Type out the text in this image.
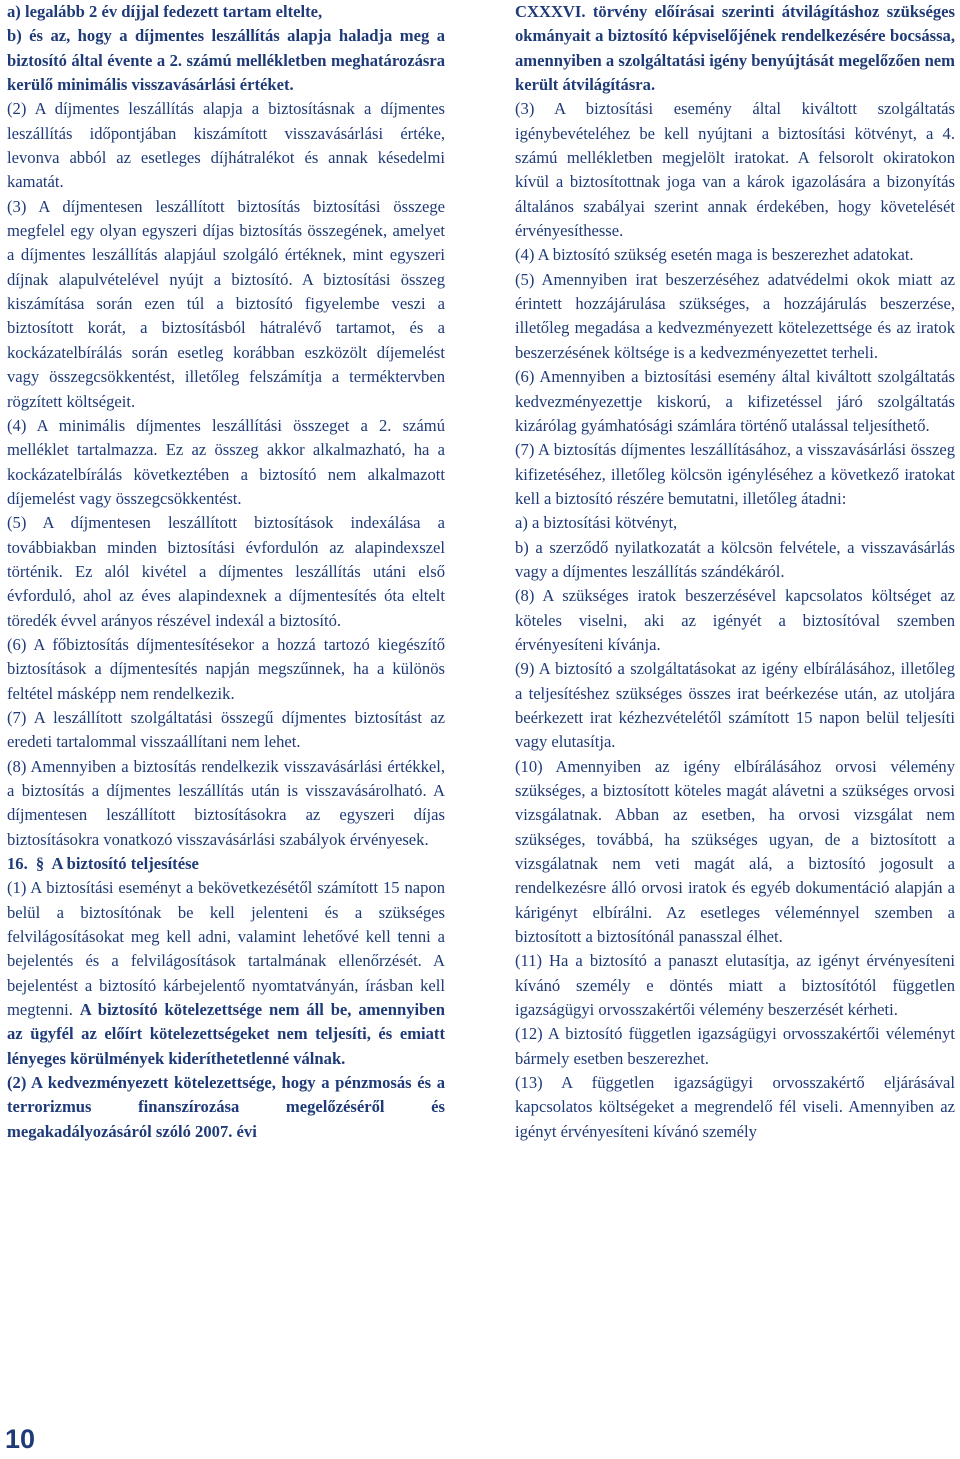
a) legalább 2 év díjjal fedezett tartam eltelte,

b) és az, hogy a díjmentes leszállítás alapja haladja meg a biztosító által évente a 2. számú mellékletben meghatározásra kerülő minimális visszavásárlási értéket.

(2) A díjmentes leszállítás alapja a biztosításnak a díjmentes leszállítás időpontjában kiszámított visszavásárlási értéke, levonva abból az esetleges díjhátralékot és annak késedelmi kamatát.

(3) A díjmentesen leszállított biztosítás biztosítási összege megfelel egy olyan egyszeri díjas biztosítás összegének, amelyet a díjmentes leszállítás alapjául szolgáló értéknek, mint egyszeri díjnak alapulvételével nyújt a biztosító. A biztosítási összeg kiszámítása során ezen túl a biztosító figyelembe veszi a biztosított korát, a biztosításból hátralévő tartamot, és a kockázatelbírálás során esetleg korábban eszközölt díjemelést vagy összegcsökkentést, illetőleg felszámítja a terméktervben rögzített költségeit.

(4) A minimális díjmentes leszállítási összeget a 2. számú melléklet tartalmazza. Ez az összeg akkor alkalmazható, ha a kockázatelbírálás következtében a biztosító nem alkalmazott díjemelést vagy összegcsökkentést.

(5) A díjmentesen leszállított biztosítások indexálása a továbbiakban minden biztosítási évfordulón az alapindexszel történik. Ez alól kivétel a díjmentes leszállítás utáni első évforduló, ahol az éves alapindexnek a díjmentesítés óta eltelt töredék évvel arányos részével indexál a biztosító.

(6) A főbiztosítás díjmentesítésekor a hozzá tartozó kiegészítő biztosítások a díjmentesítés napján megszűnnek, ha a különös feltétel másképp nem rendelkezik.

(7) A leszállított szolgáltatási összegű díjmentes biztosítást az eredeti tartalommal visszaállítani nem lehet.

(8) Amennyiben a biztosítás rendelkezik visszavásárlási értékkel, a biztosítás a díjmentes leszállítás után is visszavásárolható. A díjmentesen leszállított biztosításokra az egyszeri díjas biztosításokra vonatkozó visszavásárlási szabályok érvényesek.

16. § A biztosító teljesítése

(1) A biztosítási eseményt a bekövetkezésétől számított 15 napon belül a biztosítónak be kell jelenteni és a szükséges felvilágosításokat meg kell adni, valamint lehetővé kell tenni a bejelentés és a felvilágosítások tartalmának ellenőrzését. A bejelentést a biztosító kárbejelentő nyomtatványán, írásban kell megtenni. A biztosító kötelezettsége nem áll be, amennyiben az ügyfél az előírt kötelezettségeket nem teljesíti, és emiatt lényeges körülmények kideríthetetlenné válnak.

(2) A kedvezményezett kötelezettsége, hogy a pénzmosás és a terrorizmus finanszírozása megelőzéséről és megakadályozásáról szóló 2007. évi

CXXXVI. törvény előírásai szerinti átvilágításhoz szükséges okmányait a biztosító képviselőjének rendelkezésére bocsássa, amennyiben a szolgáltatási igény benyújtását megelőzően nem került átvilágításra.

(3) A biztosítási esemény által kiváltott szolgáltatás igénybevételéhez be kell nyújtani a biztosítási kötvényt, a 4. számú mellékletben megjelölt iratokat. A felsorolt okiratokon kívül a biztosítottnak joga van a károk igazolására a bizonyítás általános szabályai szerint annak érdekében, hogy követelését érvényesíthesse.

(4) A biztosító szükség esetén maga is beszerezhet adatokat.

(5) Amennyiben irat beszerzéséhez adatvédelmi okok miatt az érintett hozzájárulása szükséges, a hozzájárulás beszerzése, illetőleg megadása a kedvezményezett kötelezettsége és az iratok beszerzésének költsége is a kedvezményezettet terheli.

(6) Amennyiben a biztosítási esemény által kiváltott szolgáltatás kedvezményezettje kiskorú, a kifizetéssel járó szolgáltatás kizárólag gyámhatósági számlára történő utalással teljesíthető.

(7) A biztosítás díjmentes leszállításához, a visszavásárlási összeg kifizetéséhez, illetőleg kölcsön igényléséhez a következő iratokat kell a biztosító részére bemutatni, illetőleg átadni:

a) a biztosítási kötvényt,

b) a szerződő nyilatkozatát a kölcsön felvétele, a visszavásárlás vagy a díjmentes leszállítás szándékáról.

(8) A szükséges iratok beszerzésével kapcsolatos költséget az köteles viselni, aki az igényét a biztosítóval szemben érvényesíteni kívánja.

(9) A biztosító a szolgáltatásokat az igény elbírálásához, illetőleg a teljesítéshez szükséges összes irat beérkezése után, az utoljára beérkezett irat kézhezvételétől számított 15 napon belül teljesíti vagy elutasítja.

(10) Amennyiben az igény elbírálásához orvosi vélemény szükséges, a biztosított köteles magát alávetni a szükséges orvosi vizsgálatnak. Abban az esetben, ha orvosi vizsgálat nem szükséges, továbbá, ha szükséges ugyan, de a biztosított a vizsgálatnak nem veti magát alá, a biztosító jogosult a rendelkezésre álló orvosi iratok és egyéb dokumentáció alapján a kárigényt elbírálni. Az esetleges véleménnyel szemben a biztosított a biztosítónál panasszal élhet.

(11) Ha a biztosító a panaszt elutasítja, az igényt érvényesíteni kívánó személy e döntés miatt a biztosítótól független igazságügyi orvosszakértői vélemény beszerzését kérheti.

(12) A biztosító független igazságügyi orvosszakértői véleményt bármely esetben beszerezhet.

(13) A független igazságügyi orvosszakértő eljárásával kapcsolatos költségeket a megrendelő fél viseli. Amennyiben az igényt érvényesíteni kívánó személy

10
